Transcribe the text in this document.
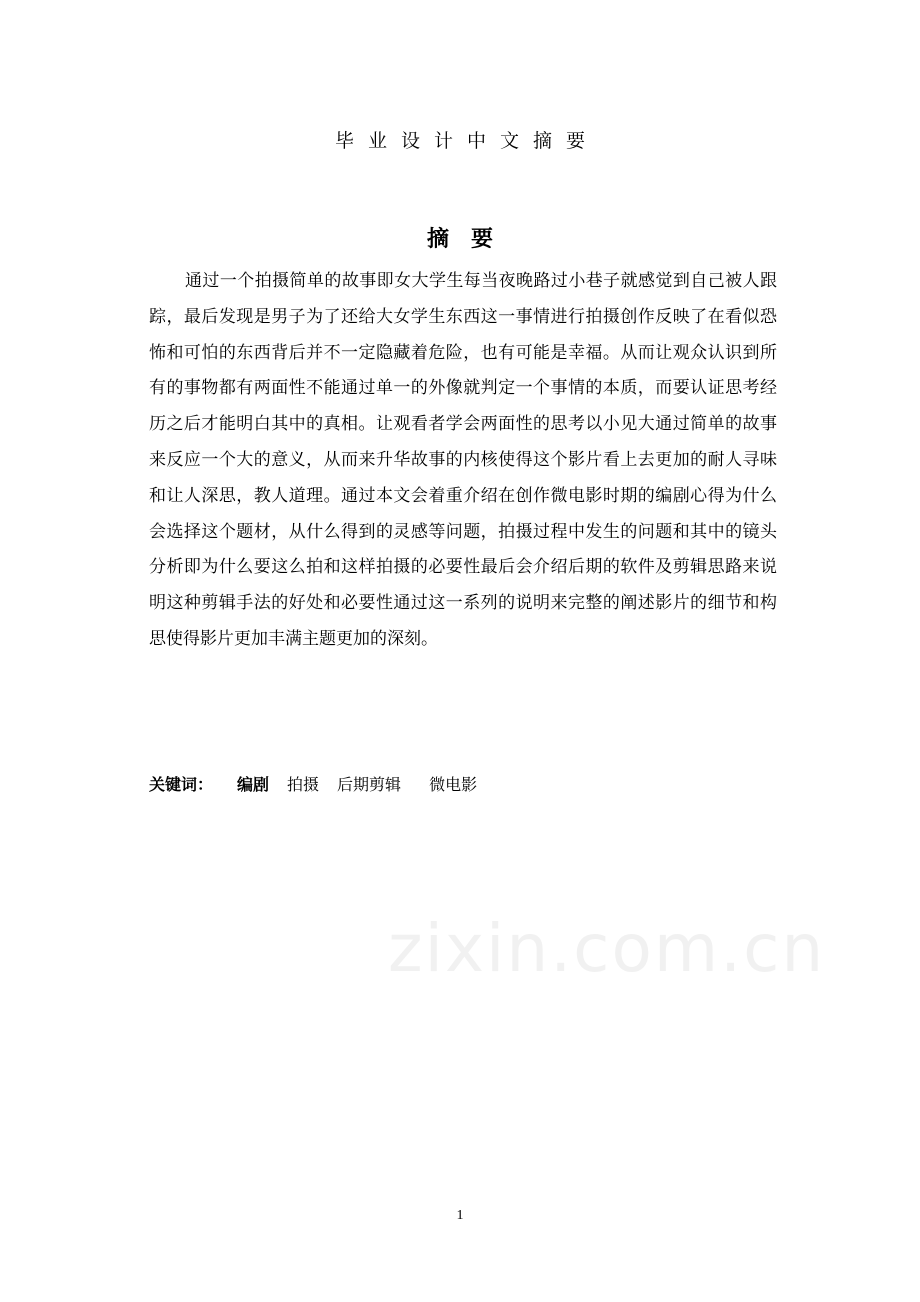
毕业设计中文摘要
摘要
通过一个拍摄简单的故事即女大学生每当夜晚路过小巷子就感觉到自己被人跟踪，最后发现是男子为了还给大女学生东西这一事情进行拍摄创作反映了在看似恐怖和可怕的东西背后并不一定隐藏着危险，也有可能是幸福。从而让观众认识到所有的事物都有两面性不能通过单一的外像就判定一个事情的本质，而要认证思考经历之后才能明白其中的真相。让观看者学会两面性的思考以小见大通过简单的故事来反应一个大的意义，从而来升华故事的内核使得这个影片看上去更加的耐人寻味和让人深思，教人道理。通过本文会着重介绍在创作微电影时期的编剧心得为什么会选择这个题材，从什么得到的灵感等问题，拍摄过程中发生的问题和其中的镜头分析即为什么要这么拍和这样拍摄的必要性最后会介绍后期的软件及剪辑思路来说明这种剪辑手法的好处和必要性通过这一系列的说明来完整的阐述影片的细节和构思使得影片更加丰满主题更加的深刻。
关键词： 编剧 拍摄 后期剪辑 微电影
zixin.com.cn
1
